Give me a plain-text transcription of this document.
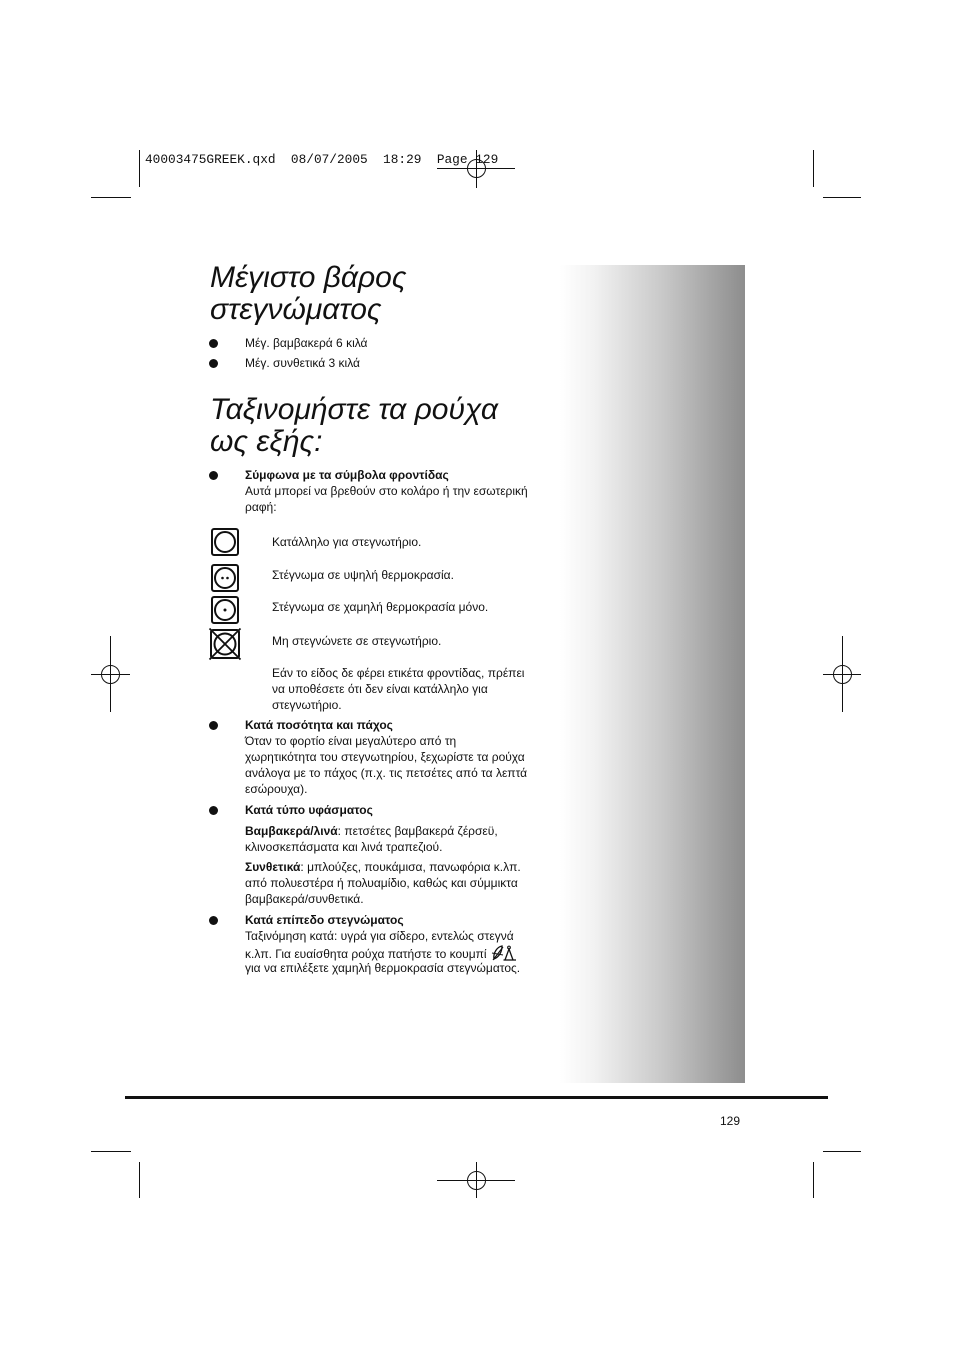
40003475GREEK.qxd  08/07/2005  18:29  Page 129
Μέγιστο βάρος
στεγνώματος
Μέγ. βαμβακερά 6 κιλά
Μέγ. συνθετικά 3 κιλά
Ταξινομήστε τα ρούχα
ως εξής:
Σύμφωνα με τα σύμβολα φροντίδας
Αυτά μπορεί να βρεθούν στο κολάρο ή την εσωτερική
ραφή:
Κατάλληλο για στεγνωτήριο.
Στέγνωμα σε υψηλή θερμοκρασία.
Στέγνωμα σε χαμηλή θερμοκρασία μόνο.
Μη στεγνώνετε σε στεγνωτήριο.
Εάν το είδος δε φέρει ετικέτα φροντίδας, πρέπει
να υποθέσετε ότι δεν είναι κατάλληλο για
στεγνωτήριο.
Κατά ποσότητα και πάχος
Όταν το φορτίο είναι μεγαλύτερο από τη
χωρητικότητα του στεγνωτηρίου, ξεχωρίστε τα ρούχα
ανάλογα με το πάχος (π.χ. τις πετσέτες από τα λεπτά
εσώρουχα).
Κατά τύπο υφάσματος
Βαμβακερά/λινά: πετσέτες βαμβακερά ζέρσεϋ,
κλινοσκεπάσματα και λινά τραπεζιού.
Συνθετικά: μπλούζες, πουκάμισα, πανωφόρια κ.λπ.
από πολυεστέρα ή πολυαμίδιο, καθώς και σύμμικτα
βαμβακερά/συνθετικά.
Κατά επίπεδο στεγνώματος
Ταξινόμηση κατά: υγρά για σίδερο, εντελώς στεγνά
κ.λπ. Για ευαίσθητα ρούχα πατήστε το κουμπί
για να επιλέξετε χαμηλή θερμοκρασία στεγνώματος.
129
